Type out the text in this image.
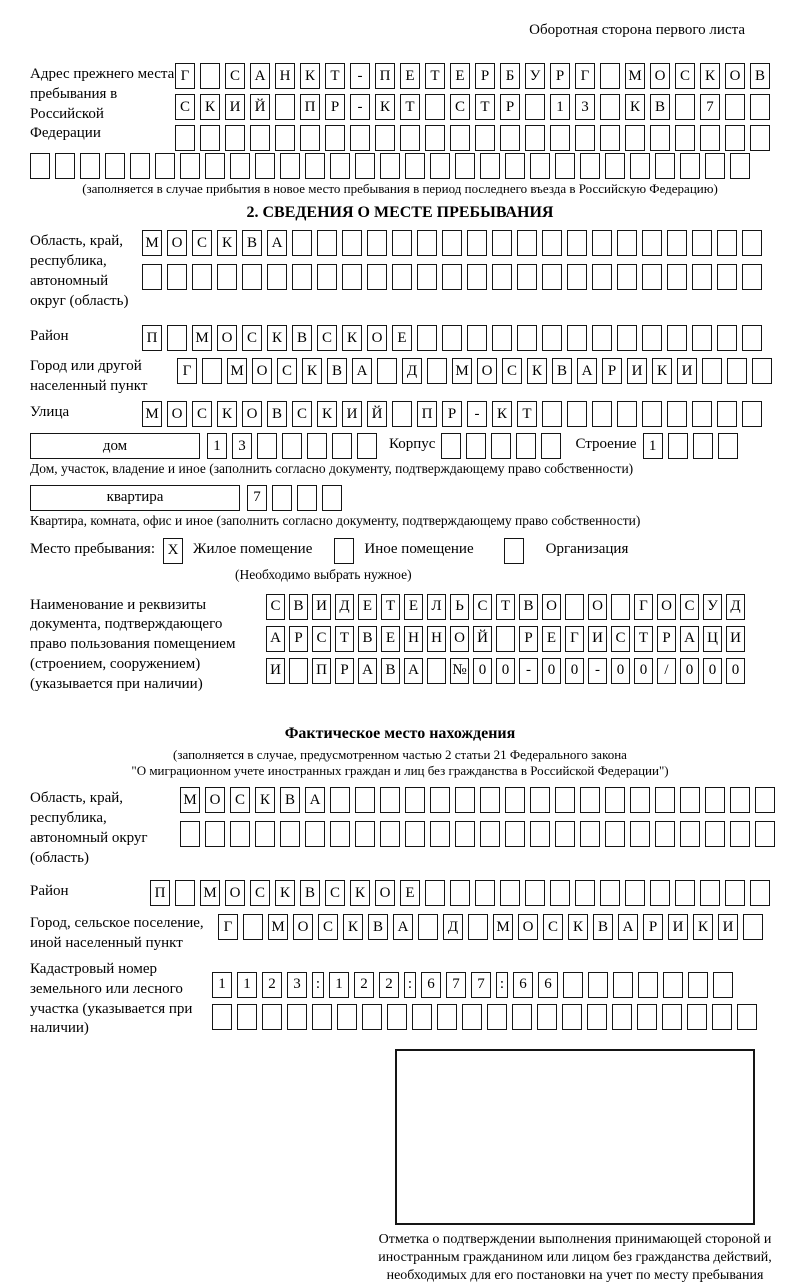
Оборотная сторона первого листа
Адрес прежнего места пребывания в Российской Федерации
Г	С А Н К	Т	-	П Е	Т	Е	Р	Б	У	Р	Г	М О С К О В
С К И Й	П	Р	-	К	Т	С	Т	Р	1	3	К В	7
(заполняется в случае прибытия в новое место пребывания в период последнего въезда в Российскую Федерацию)
2. СВЕДЕНИЯ О МЕСТЕ ПРЕБЫВАНИЯ
Область, край, республика, автономный округ (область)
М О С К В А
Район	П	М О С К В С К О Е
Город или другой населенный пункт
Г	М О С К В А	Д	М О С К В А	Р	И К И
Улица	М О С К О В С К И Й	П	Р	-	К	Т
дом	1	3	Корпус	Строение 1
Дом, участок, владение и иное (заполнить согласно документу, подтверждающему право собственности)
квартира	7
Квартира, комната, офис и иное (заполнить согласно документу, подтверждающему право собственности)
Место пребывания: X Жилое помещение	Иное помещение	Организация
(Необходимо выбрать нужное)
Наименование и реквизиты документа, подтверждающего право пользования помещением (строением, сооружением) (указывается при наличии)
С В И Д Е Т Е Л Ь С Т В О О	Г О С У Д
А Р С Т В Е Н Н О Й	Р Е Г И С Т Р А Ц И
И П Р А В А № 0	0	-	0	0	-	0	0	/	0	0	0
Фактическое место нахождения
(заполняется в случае, предусмотренном частью 2 статьи 21 Федерального закона
"О миграционном учете иностранных граждан и лиц без гражданства в Российской Федерации")
Область, край, республика, автономный округ (область)
М О С К В А
Район	П	М О С К В С К О Е
Город, сельское поселение, иной населенный пункт
Г	М О С К В А	Д	М О С К В А	Р	И К И
Кадастровый номер земельного или лесного участка (указывается при наличии)
1	1	2	3	:	1	2	2	:	6	7	7	:	6	6
Отметка о подтверждении выполнения принимающей стороной и иностранным гражданином или лицом без гражданства действий, необходимых для его постановки на учет по месту пребывания
